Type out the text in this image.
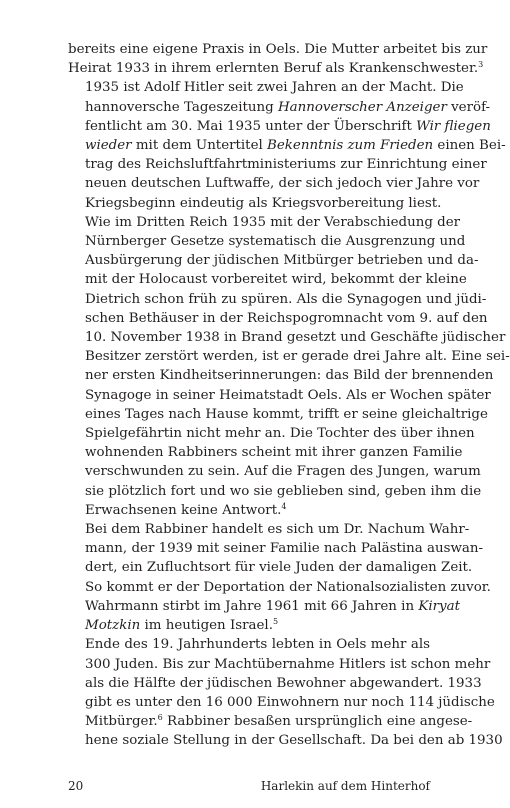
bereits eine eigene Praxis in Oels. Die Mutter arbeitet bis zur
Heirat 1933 in ihrem erlernten Beruf als Krankenschwester.$^3$

1935 ist Adolf Hitler seit zwei Jahren an der Macht. Die
hannoversche Tageszeitung Hannoverscher Anzeiger veröf-
fentlicht am 30. Mai 1935 unter der Überschrift Wir fliegen
wieder mit dem Untertitel Bekenntnis zum Frieden einen Bei-
trag des Reichsluftfahrtministeriums zur Einrichtung einer
neuen deutschen Luftwaffe, der sich jedoch vier Jahre vor
Kriegsbeginn eindeutig als Kriegsvorbereitung liest.

Wie im Dritten Reich 1935 mit der Verabschiedung der
Nürnberger Gesetze systematisch die Ausgrenzung und
Ausbürgerung der jüdischen Mitbürger betrieben und da-
mit der Holocaust vorbereitet wird, bekommt der kleine
Dietrich schon früh zu spüren. Als die Synagogen und jüdi-
schen Bethäuser in der Reichspogromnacht vom 9. auf den
10. November 1938 in Brand gesetzt und Geschäfte jüdischer
Besitzer zerstört werden, ist er gerade drei Jahre alt. Eine sei-
ner ersten Kindheitserinnerungen: das Bild der brennenden
Synagoge in seiner Heimatstadt Oels. Als er Wochen später
eines Tages nach Hause kommt, trifft er seine gleichaltrige
Spielgefährtin nicht mehr an. Die Tochter des über ihnen
wohnenden Rabbiners scheint mit ihrer ganzen Familie
verschwunden zu sein. Auf die Fragen des Jungen, warum
sie plötzlich fort und wo sie geblieben sind, geben ihm die
Erwachsenen keine Antwort.$^4$

Bei dem Rabbiner handelt es sich um Dr. Nachum Wahr-
mann, der 1939 mit seiner Familie nach Palästina auswan-
dert, ein Zufluchtsort für viele Juden der damaligen Zeit.
So kommt er der Deportation der Nationalsozialisten zuvor.
Wahrmann stirbt im Jahre 1961 mit 66 Jahren in Kiryat
Motzkin im heutigen Israel.$^5$

Ende des 19. Jahrhunderts lebten in Oels mehr als
300 Juden. Bis zur Machtübernahme Hitlers ist schon mehr
als die Hälfte der jüdischen Bewohner abgewandert. 1933
gibt es unter den 16 000 Einwohnern nur noch 114 jüdische
Mitbürger.$^6$ Rabbiner besaßen ursprünglich eine angese-
hene soziale Stellung in der Gesellschaft. Da bei den ab 1930

20	Harlekin auf dem Hinterhof
